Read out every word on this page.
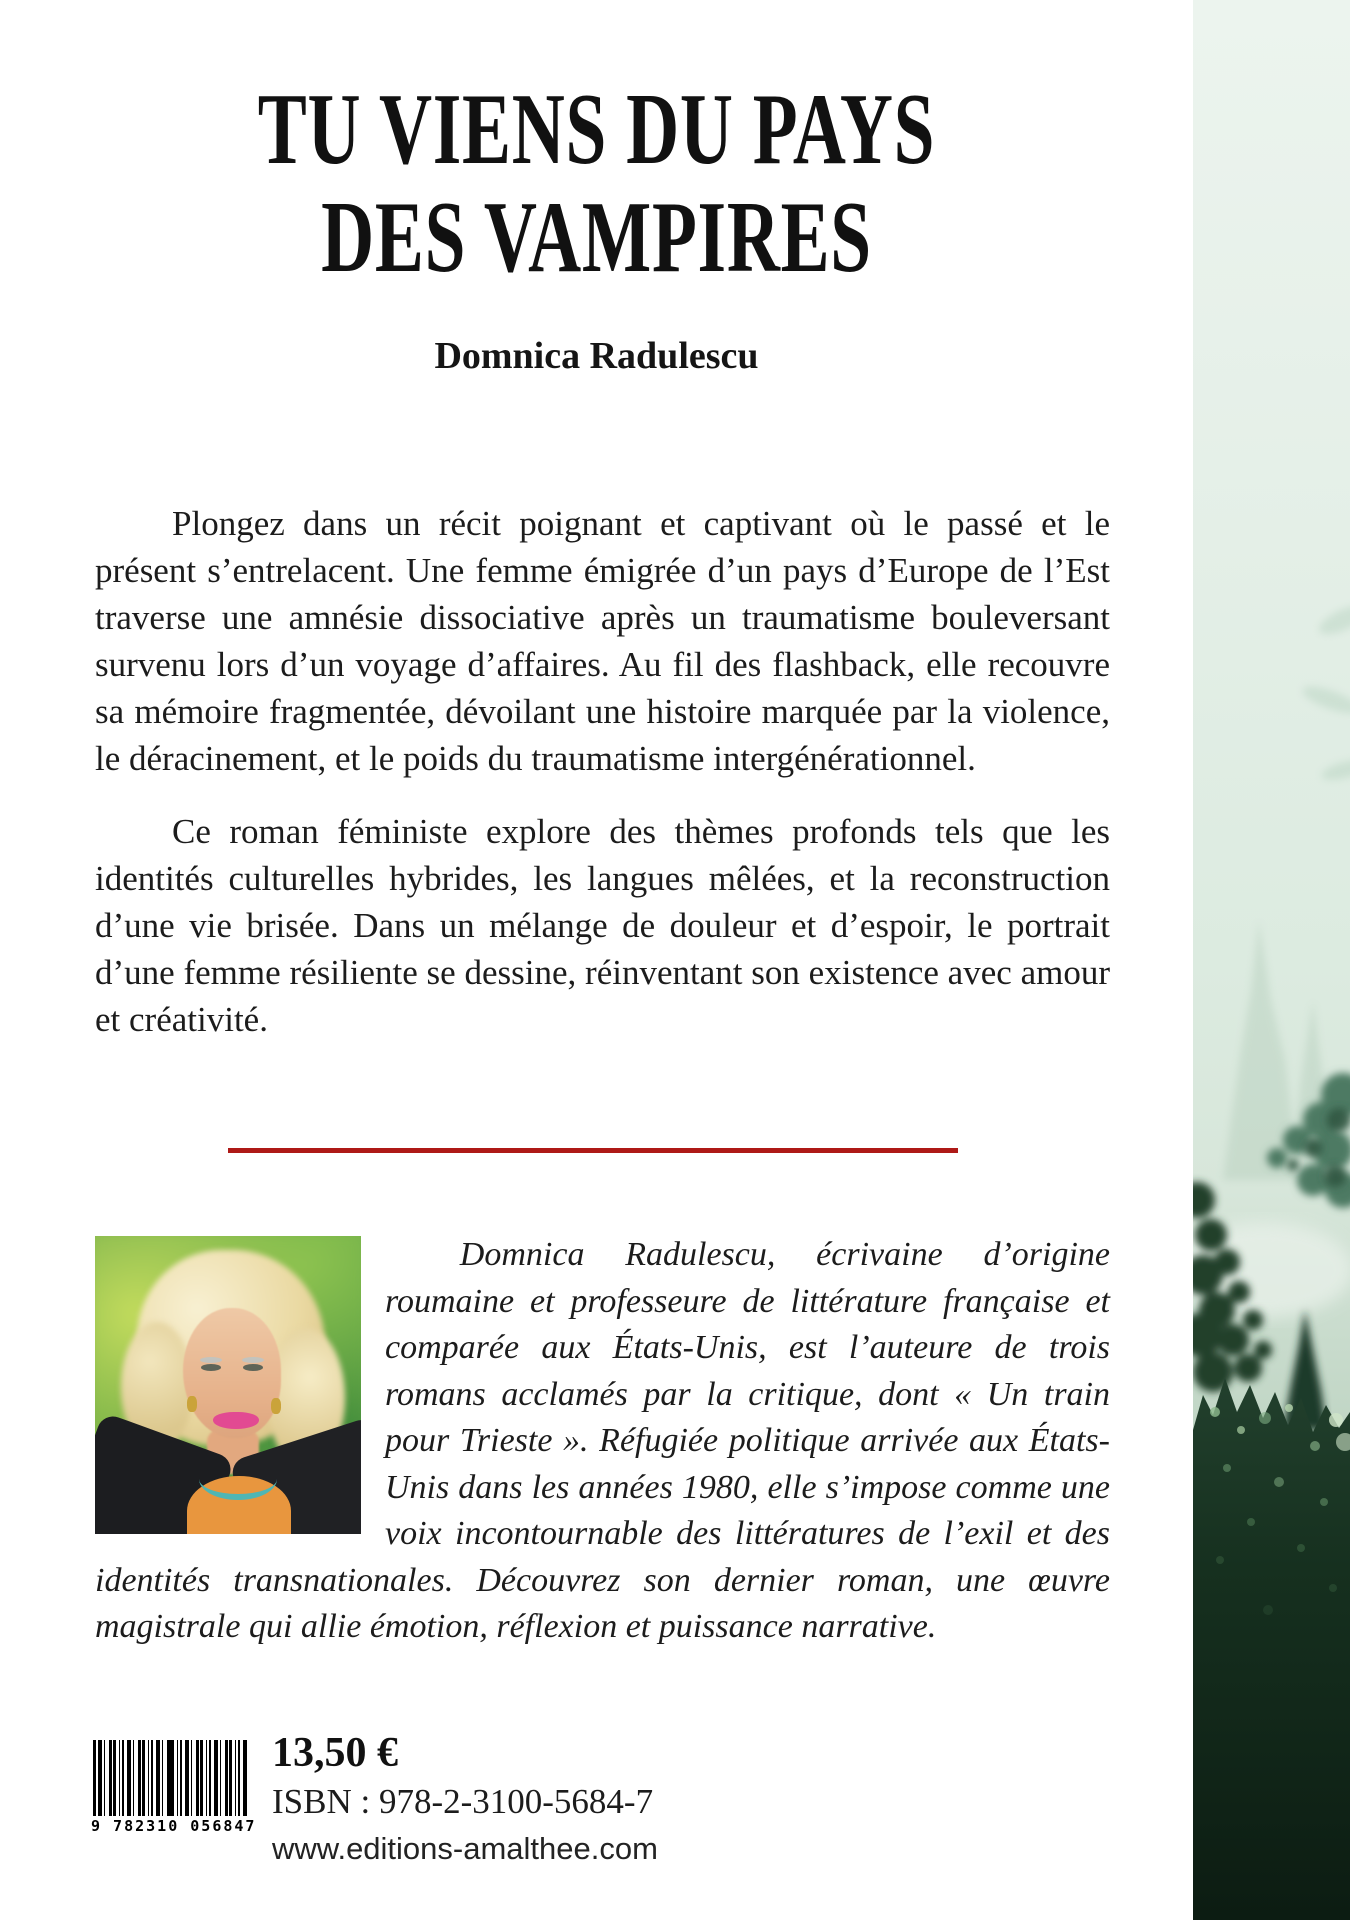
TU VIENS DU PAYS
DES VAMPIRES
Domnica Radulescu

Plongez dans un récit poignant et captivant où le passé et le présent s’entrelacent. Une femme émigrée d’un pays d’Europe de l’Est traverse une amnésie dissociative après un traumatisme bouleversant survenu lors d’un voyage d’affaires. Au fil des flashback, elle recouvre sa mémoire fragmentée, dévoilant une histoire marquée par la violence, le déracinement, et le poids du traumatisme intergénérationnel.

Ce roman féministe explore des thèmes profonds tels que les identités culturelles hybrides, les langues mêlées, et la reconstruction d’une vie brisée. Dans un mélange de douleur et d’espoir, le portrait d’une femme résiliente se dessine, réinventant son existence avec amour et créativité.

Domnica Radulescu, écrivaine d’origine roumaine et professeure de littérature française et comparée aux États-Unis, est l’auteure de trois romans acclamés par la critique, dont « Un train pour Trieste ». Réfugiée politique arrivée aux États-Unis dans les années 1980, elle s’impose comme une voix incontournable des littératures de l’exil et des identités transnationales. Découvrez son dernier roman, une œuvre magistrale qui allie émotion, réflexion et puissance narrative.

9 782310 056847
13,50 €
ISBN : 978-2-3100-5684-7
www.editions-amalthee.com
